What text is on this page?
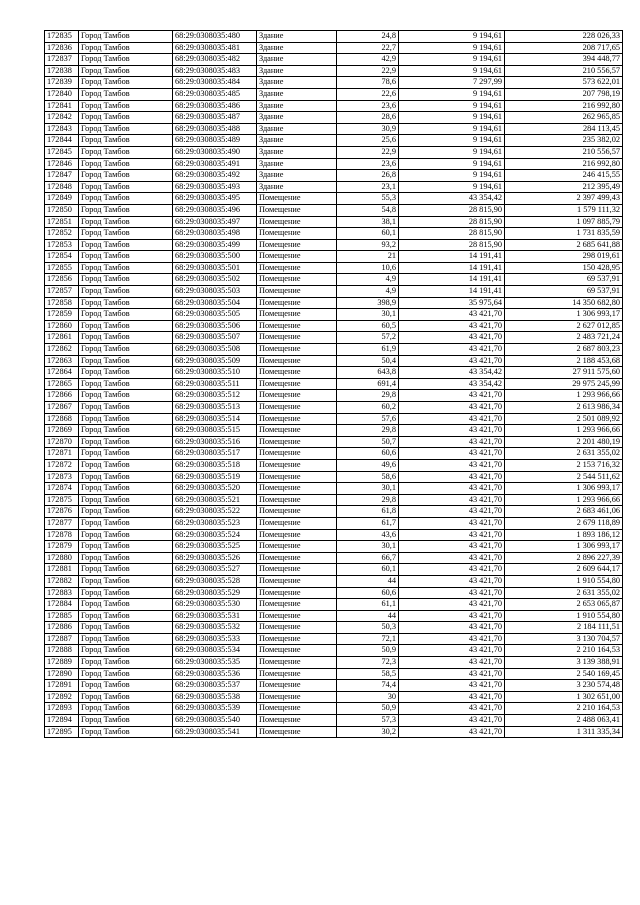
172835	Город Тамбов	68:29:0308035:480	Здание	24,8	9 194,61	228 026,33
172836	Город Тамбов	68:29:0308035:481	Здание	22,7	9 194,61	208 717,65
172837	Город Тамбов	68:29:0308035:482	Здание	42,9	9 194,61	394 448,77
172838	Город Тамбов	68:29:0308035:483	Здание	22,9	9 194,61	210 556,57
172839	Город Тамбов	68:29:0308035:484	Здание	78,6	7 297,99	573 622,01
172840	Город Тамбов	68:29:0308035:485	Здание	22,6	9 194,61	207 798,19
172841	Город Тамбов	68:29:0308035:486	Здание	23,6	9 194,61	216 992,80
172842	Город Тамбов	68:29:0308035:487	Здание	28,6	9 194,61	262 965,85
172843	Город Тамбов	68:29:0308035:488	Здание	30,9	9 194,61	284 113,45
172844	Город Тамбов	68:29:0308035:489	Здание	25,6	9 194,61	235 382,02
172845	Город Тамбов	68:29:0308035:490	Здание	22,9	9 194,61	210 556,57
172846	Город Тамбов	68:29:0308035:491	Здание	23,6	9 194,61	216 992,80
172847	Город Тамбов	68:29:0308035:492	Здание	26,8	9 194,61	246 415,55
172848	Город Тамбов	68:29:0308035:493	Здание	23,1	9 194,61	212 395,49
172849	Город Тамбов	68:29:0308035:495	Помещение	55,3	43 354,42	2 397 499,43
172850	Город Тамбов	68:29:0308035:496	Помещение	54,8	28 815,90	1 579 111,32
172851	Город Тамбов	68:29:0308035:497	Помещение	38,1	28 815,90	1 097 885,79
172852	Город Тамбов	68:29:0308035:498	Помещение	60,1	28 815,90	1 731 835,59
172853	Город Тамбов	68:29:0308035:499	Помещение	93,2	28 815,90	2 685 641,88
172854	Город Тамбов	68:29:0308035:500	Помещение	21	14 191,41	298 019,61
172855	Город Тамбов	68:29:0308035:501	Помещение	10,6	14 191,41	150 428,95
172856	Город Тамбов	68:29:0308035:502	Помещение	4,9	14 191,41	69 537,91
172857	Город Тамбов	68:29:0308035:503	Помещение	4,9	14 191,41	69 537,91
172858	Город Тамбов	68:29:0308035:504	Помещение	398,9	35 975,64	14 350 682,80
172859	Город Тамбов	68:29:0308035:505	Помещение	30,1	43 421,70	1 306 993,17
172860	Город Тамбов	68:29:0308035:506	Помещение	60,5	43 421,70	2 627 012,85
172861	Город Тамбов	68:29:0308035:507	Помещение	57,2	43 421,70	2 483 721,24
172862	Город Тамбов	68:29:0308035:508	Помещение	61,9	43 421,70	2 687 803,23
172863	Город Тамбов	68:29:0308035:509	Помещение	50,4	43 421,70	2 188 453,68
172864	Город Тамбов	68:29:0308035:510	Помещение	643,8	43 354,42	27 911 575,60
172865	Город Тамбов	68:29:0308035:511	Помещение	691,4	43 354,42	29 975 245,99
172866	Город Тамбов	68:29:0308035:512	Помещение	29,8	43 421,70	1 293 966,66
172867	Город Тамбов	68:29:0308035:513	Помещение	60,2	43 421,70	2 613 986,34
172868	Город Тамбов	68:29:0308035:514	Помещение	57,6	43 421,70	2 501 089,92
172869	Город Тамбов	68:29:0308035:515	Помещение	29,8	43 421,70	1 293 966,66
172870	Город Тамбов	68:29:0308035:516	Помещение	50,7	43 421,70	2 201 480,19
172871	Город Тамбов	68:29:0308035:517	Помещение	60,6	43 421,70	2 631 355,02
172872	Город Тамбов	68:29:0308035:518	Помещение	49,6	43 421,70	2 153 716,32
172873	Город Тамбов	68:29:0308035:519	Помещение	58,6	43 421,70	2 544 511,62
172874	Город Тамбов	68:29:0308035:520	Помещение	30,1	43 421,70	1 306 993,17
172875	Город Тамбов	68:29:0308035:521	Помещение	29,8	43 421,70	1 293 966,66
172876	Город Тамбов	68:29:0308035:522	Помещение	61,8	43 421,70	2 683 461,06
172877	Город Тамбов	68:29:0308035:523	Помещение	61,7	43 421,70	2 679 118,89
172878	Город Тамбов	68:29:0308035:524	Помещение	43,6	43 421,70	1 893 186,12
172879	Город Тамбов	68:29:0308035:525	Помещение	30,1	43 421,70	1 306 993,17
172880	Город Тамбов	68:29:0308035:526	Помещение	66,7	43 421,70	2 896 227,39
172881	Город Тамбов	68:29:0308035:527	Помещение	60,1	43 421,70	2 609 644,17
172882	Город Тамбов	68:29:0308035:528	Помещение	44	43 421,70	1 910 554,80
172883	Город Тамбов	68:29:0308035:529	Помещение	60,6	43 421,70	2 631 355,02
172884	Город Тамбов	68:29:0308035:530	Помещение	61,1	43 421,70	2 653 065,87
172885	Город Тамбов	68:29:0308035:531	Помещение	44	43 421,70	1 910 554,80
172886	Город Тамбов	68:29:0308035:532	Помещение	50,3	43 421,70	2 184 111,51
172887	Город Тамбов	68:29:0308035:533	Помещение	72,1	43 421,70	3 130 704,57
172888	Город Тамбов	68:29:0308035:534	Помещение	50,9	43 421,70	2 210 164,53
172889	Город Тамбов	68:29:0308035:535	Помещение	72,3	43 421,70	3 139 388,91
172890	Город Тамбов	68:29:0308035:536	Помещение	58,5	43 421,70	2 540 169,45
172891	Город Тамбов	68:29:0308035:537	Помещение	74,4	43 421,70	3 230 574,48
172892	Город Тамбов	68:29:0308035:538	Помещение	30	43 421,70	1 302 651,00
172893	Город Тамбов	68:29:0308035:539	Помещение	50,9	43 421,70	2 210 164,53
172894	Город Тамбов	68:29:0308035:540	Помещение	57,3	43 421,70	2 488 063,41
172895	Город Тамбов	68:29:0308035:541	Помещение	30,2	43 421,70	1 311 335,34
